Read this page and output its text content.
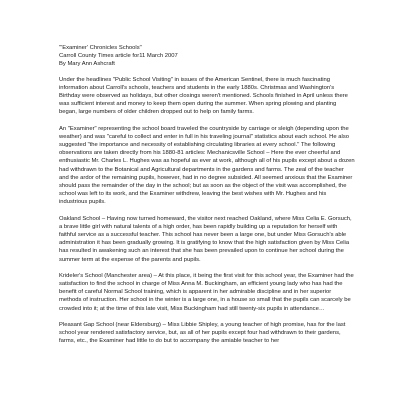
"'Examiner' Chronicles Schools"

Carroll County Times article for11 March 2007

By Mary Ann Ashcraft

Under the headlines "Public School Visiting" in issues of the American Sentinel, there is much fascinating information about Carroll's schools, teachers and students in the early 1880s. Christmas and Washington's Birthday were observed as holidays, but other closings weren't mentioned. Schools finished in April unless there was sufficient interest and money to keep them open during the summer. When spring plowing and planting began, large numbers of older children dropped out to help on family farms.

An "Examiner" representing the school board traveled the countryside by carriage or sleigh (depending upon the weather) and was "careful to collect and enter in full in his traveling journal" statistics about each school. He also suggested "the importance and necessity of establishing circulating libraries at every school." The following observations are taken directly from his 1880-81 articles: Mechanicsville School – Here the ever cheerful and enthusiastic Mr. Charles L. Hughes was as hopeful as ever at work, although all of his pupils except about a dozen had withdrawn to the Botanical and Agricultural departments in the gardens and farms. The zeal of the teacher and the ardor of the remaining pupils, however, had in no degree subsided. All seemed anxious that the Examiner should pass the remainder of the day in the school; but as soon as the object of the visit was accomplished, the school was left to its work, and the Examiner withdrew, leaving the best wishes with Mr. Hughes and his industrious pupils.

Oakland School – Having now turned homeward, the visitor next reached Oakland, where Miss Celia E. Gorsuch, a brave little girl with natural talents of a high order, has been rapidly building up a reputation for herself with faithful service as a successful teacher. This school has never been a large one, but under Miss Gorsuch's able administration it has been gradually growing. It is gratifying to know that the high satisfaction given by Miss Celia has resulted in awakening such an interest that she has been prevailed upon to continue her school during the summer term at the expense of the parents and pupils.

Krideler's School (Manchester area) – At this place, it being the first visit for this school year, the Examiner had the satisfaction to find the school in charge of Miss Anna M. Buckingham, an efficient young lady who has had the benefit of careful Normal School training, which is apparent in her admirable discipline and in her superior methods of instruction. Her school in the winter is a large one, in a house so small that the pupils can scarcely be crowded into it; at the time of this late visit, Miss Buckingham had still twenty-six pupils in attendance…

Pleasant Gap School (near Eldersburg) – Miss Libbie Shipley, a young teacher of high promise, has for the last school year rendered satisfactory service, but, as all of her pupils except four had withdrawn to their gardens, farms, etc., the Examiner had little to do but to accompany the amiable teacher to her
